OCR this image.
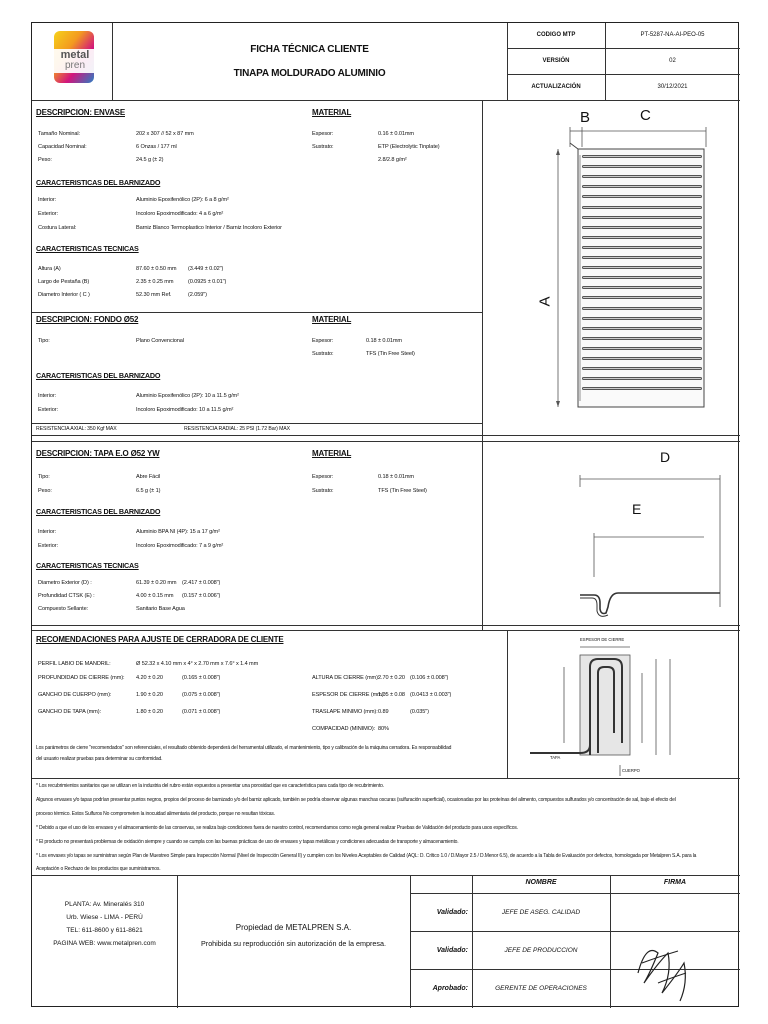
metal
pren
FICHA TÉCNICA CLIENTE
TINAPA MOLDURADO ALUMINIO
CODIGO MTP	PT-5287-NA-AI-PEO-05
VERSIÓN	02
ACTUALIZACIÓN	30/12/2021
DESCRIPCION: ENVASE	MATERIAL
Tamaño Nominal:	202 x 307 // 52 x 87 mm
Capacidad Nominal:	6 Onzas / 177 ml
Peso:	24.5 g (± 2)
Espesor:	0.16 ± 0.01mm
Sustrato:	ETP (Electrolytic Tinplate)
2.8/2.8 g/m²
CARACTERISTICAS DEL BARNIZADO
Interior:	Aluminio Epoxifenólico (2P): 6 a 8 g/m²
Exterior:	Incoloro Epoximodificado: 4 a 6 g/m²
Costura Lateral:	Barniz Blanco Termoplastico Interior / Barniz Incoloro Exterior
CARACTERISTICAS TECNICAS
Altura (A)	87.60 ± 0.50 mm (3.449 ± 0.02")
Largo de Pestaña (B)	2.35 ± 0.25 mm	(0.0925 ± 0.01")
Diametro Interior ( C )	52.30 mm Ref.	(2.059")
DESCRIPCION: FONDO Ø52	MATERIAL
Tipo:	Plano Convencional	Espesor:	0.18 ± 0.01mm
Sustrato:	TFS (Tin Free Steel)
CARACTERISTICAS DEL BARNIZADO
Interior:	Aluminio Epoxifenólico (2P): 10 a 11.5 g/m²
Exterior:	Incoloro Epoximodificado: 10 a 11.5 g/m²
RESISTENCIA AXIAL: 350 Kgf MAX	RESISTENCIA RADIAL: 25 PSI (1.72 Bar) MAX
DESCRIPCION: TAPA E.O Ø52 YW	MATERIAL
Tipo:	Abre Fácil
Peso:	6.5 g (± 1)
Espesor:	0.18 ± 0.01mm
Sustrato:	TFS (Tin Free Steel)
CARACTERISTICAS DEL BARNIZADO
Interior:	Aluminio BPA NI (4P): 15 a 17 g/m²
Exterior:	Incoloro Epoximodificado: 7 a 9 g/m²
CARACTERISTICAS TECNICAS
Diametro Exterior (D) :	61.39 ± 0.20 mm (2.417 ± 0.008")
Profundidad CTSK (E) :	4.00 ± 0.15 mm (0.157 ± 0.006")
Compuesto Sellante:	Sanitario Base Agua
B	C
A
D
E
RECOMENDACIONES PARA AJUSTE DE CERRADORA DE CLIENTE
PERFIL LABIO DE MANDRIL:	Ø 52.32 x 4.10 mm x 4° x 2.70 mm x 7.6° x 1.4 mm
PROFUNDIDAD DE CIERRE (mm): 4.20 ± 0.20	(0.165 ± 0.008")
GANCHO DE CUERPO (mm):	1.90 ± 0.20	(0.075 ± 0.008")
GANCHO DE TAPA (mm):	1.80 ± 0.20	(0.071 ± 0.008")
ALTURA DE CIERRE (mm):
2.70 ± 0.20 (0.106 ± 0.008")
ESPESOR DE CIERRE (mm):
1.05 ± 0.08 (0.0413 ± 0.003")
TRASLAPE MINIMO (mm): 0.89	(0.035")
COMPACIDAD (MINIMO): 80%
Los parámetros de cierre "recomendados" son referenciales, el resultado obtenido dependerá del herramental utilizado, el mantenimiento, tipo y calibración de la máquina cerradora. Es responsabilidad
del usuario realizar pruebas para determinar su conformidad.
ESPESOR DE CIERRE
TAPA
CUERPO
* Los recubrimientos sanitarios que se utilizan en la industria del rubro están expuestos a presentar una porosidad que es característica para cada tipo de recubrimiento.
Algunos envases y/o tapas podrían presentar puntos negros, propios del proceso de barnizado y/o del barniz aplicado, también se podría observar algunas manchas oscuras (sulfuración superficial), ocasionadas por las proteínas del alimento, compuestos sulfurados y/o concentración de sal, bajo el efecto del
proceso térmico. Estos Sulfuros No comprometen la inocuidad alimentaria del producto, porque no resultan tóxicas.
* Debido a que el uso de los envases y el almacenamiento de las conservas, se realiza bajo condiciones fuera de nuestro control, recomendamos como regla general realizar Pruebas de Validación del producto para usos específicos.
* El producto no presentará problemas de oxidación siempre y cuando se cumpla con las buenas prácticas de uso de envases y tapas metálicas y condiciones adecuadas de transporte y almacenamiento.
* Los envases y/o tapas se suministran según Plan de Muestreo Simple para Inspección Normal (Nivel de Inspección General II) y cumplen con los Niveles Aceptables de Calidad (AQL: D. Crítico 1.0 / D.Mayor 2.5 / D.Menor 6.5), de acuerdo a la Tabla de Evaluación por defectos, homologada por Metalpren S.A. para la
Aceptación o Rechazo de los productos que suministramos.
PLANTA: Av. Mineralés 310
Urb. Wiese - LIMA - PERÚ
TEL: 611-8600 y 611-8621
PAGINA WEB: www.metalpren.com
Propiedad de METALPREN S.A.
Prohibida su reproducción sin autorización de la empresa.
NOMBRE	FIRMA
Validado:	JEFE DE ASEG. CALIDAD
Validado:	JEFE DE PRODUCCION
Aprobado:	GERENTE DE OPERACIONES
